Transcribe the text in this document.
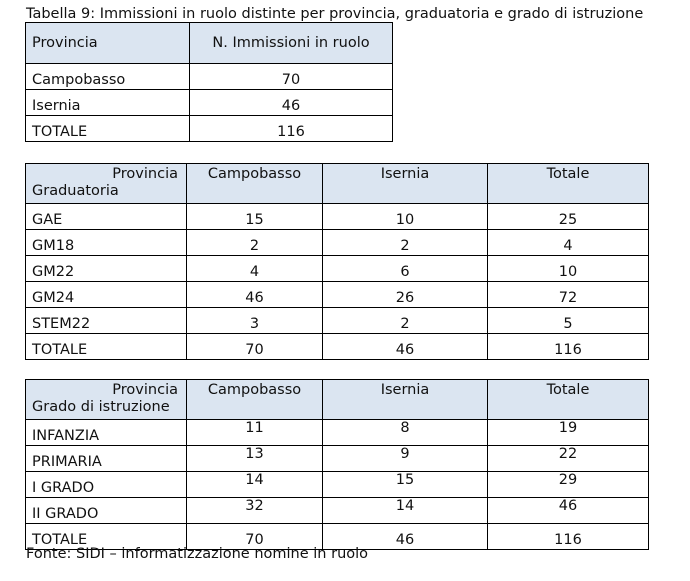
Tabella 9: Immissioni in ruolo distinte per provincia, graduatoria e grado di istruzione
Provincia	N. Immissioni in ruolo
Campobasso	70
Isernia	46
TOTALE	116
Provincia
Graduatoria	Campobasso	Isernia	Totale
GAE	15	10	25
GM18	2	2	4
GM22	4	6	10
GM24	46	26	72
STEM22	3	2	5
TOTALE	70	46	116
Provincia
Grado di istruzione	Campobasso	Isernia	Totale
INFANZIA	11	8	19
PRIMARIA	13	9	22
I GRADO	14	15	29
II GRADO	32	14	46
TOTALE	70	46	116
Fonte: SIDI – informatizzazione nomine in ruolo
